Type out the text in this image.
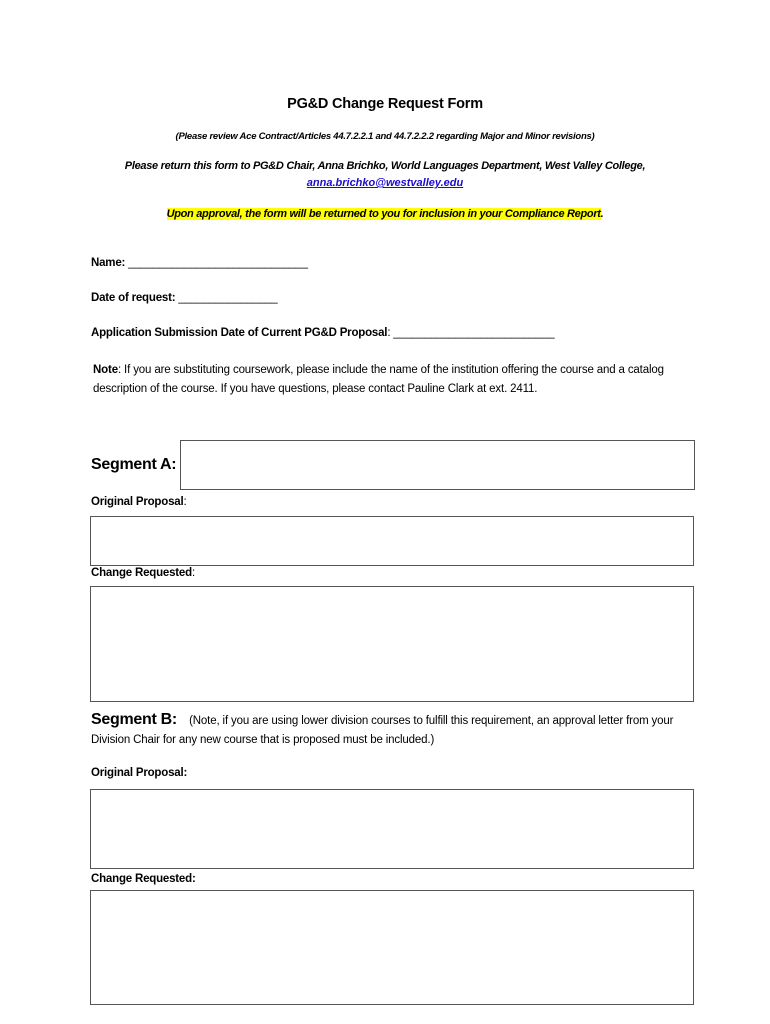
PG&D Change Request Form
(Please review Ace Contract/Articles 44.7.2.2.1 and 44.7.2.2.2 regarding Major and Minor revisions)
Please return this form to PG&D Chair, Anna Brichko, World Languages Department, West Valley College,
anna.brichko@westvalley.edu
Upon approval, the form will be returned to you for inclusion in your Compliance Report.
Name: _____________________________
Date of request: ________________
Application Submission Date of Current PG&D Proposal: __________________________
Note: If you are substituting coursework, please include the name of the institution offering the course and a catalog description of the course. If you have questions, please contact Pauline Clark at ext. 2411.
Segment A:
Original Proposal:
Change Requested:
Segment B: (Note, if you are using lower division courses to fulfill this requirement, an approval letter from your Division Chair for any new course that is proposed must be included.)
Original Proposal:
Change Requested:
